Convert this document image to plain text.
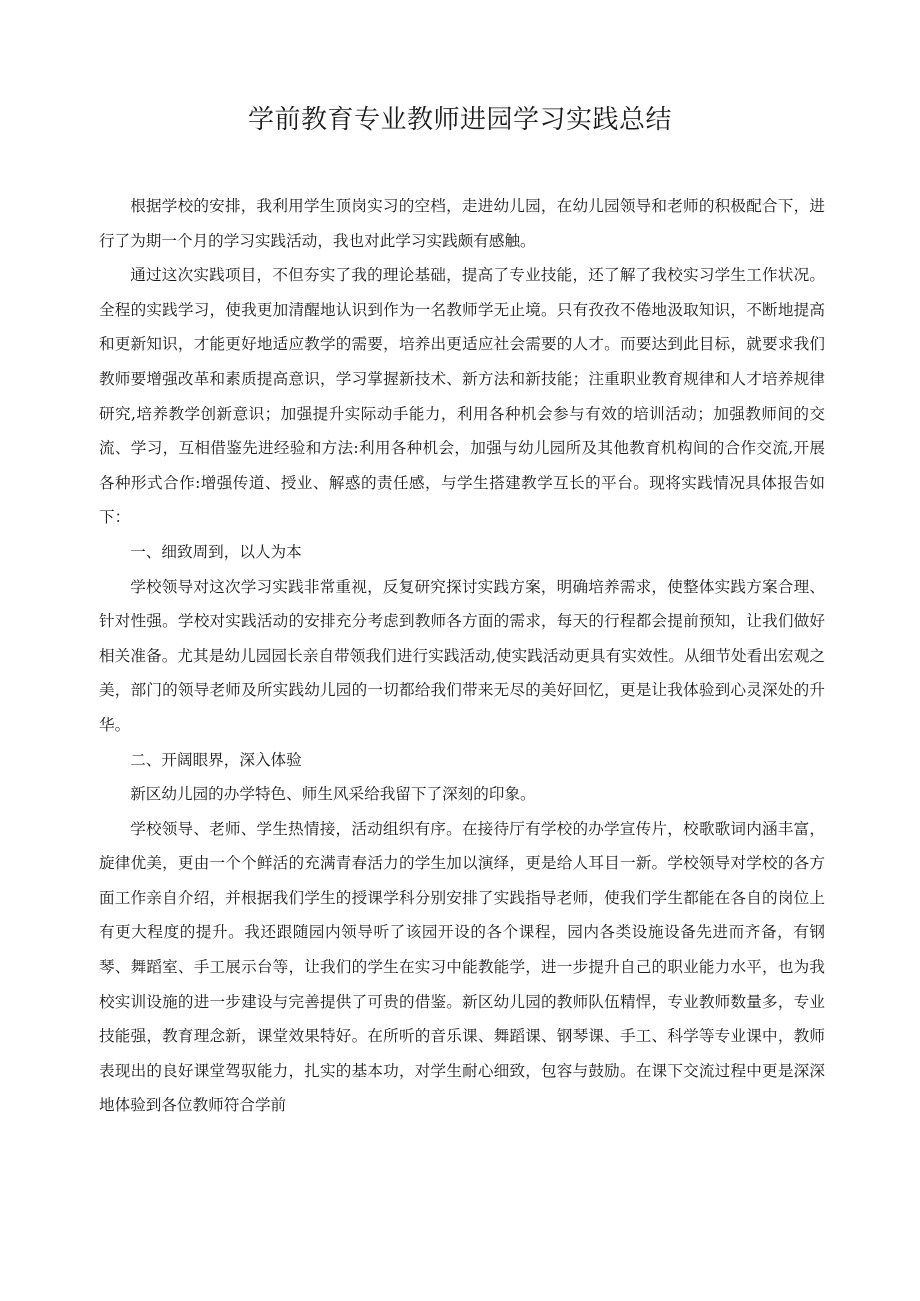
学前教育专业教师进园学习实践总结

根据学校的安排，我利用学生顶岗实习的空档，走进幼儿园，在幼儿园领导和老师的积极配合下，进行了为期一个月的学习实践活动，我也对此学习实践颇有感触。

通过这次实践项目，不但夯实了我的理论基础，提高了专业技能，还了解了我校实习学生工作状况。全程的实践学习，使我更加清醒地认识到作为一名教师学无止境。只有孜孜不倦地汲取知识，不断地提高和更新知识，才能更好地适应教学的需要，培养出更适应社会需要的人才。而要达到此目标，就要求我们教师要增强改革和素质提高意识，学习掌握新技术、新方法和新技能；注重职业教育规律和人才培养规律研究,培养教学创新意识；加强提升实际动手能力，利用各种机会参与有效的培训活动；加强教师间的交流、学习，互相借鉴先进经验和方法:利用各种机会，加强与幼儿园所及其他教育机构间的合作交流,开展各种形式合作:增强传道、授业、解惑的责任感，与学生搭建教学互长的平台。现将实践情况具体报告如下：

一、细致周到，以人为本

学校领导对这次学习实践非常重视，反复研究探讨实践方案，明确培养需求，使整体实践方案合理、针对性强。学校对实践活动的安排充分考虑到教师各方面的需求，每天的行程都会提前预知，让我们做好相关准备。尤其是幼儿园园长亲自带领我们进行实践活动,使实践活动更具有实效性。从细节处看出宏观之美，部门的领导老师及所实践幼儿园的一切都给我们带来无尽的美好回忆，更是让我体验到心灵深处的升华。

二、开阔眼界，深入体验

新区幼儿园的办学特色、师生风采给我留下了深刻的印象。

学校领导、老师、学生热情接，活动组织有序。在接待厅有学校的办学宣传片，校歌歌词内涵丰富，旋律优美，更由一个个鲜活的充满青春活力的学生加以演绎，更是给人耳目一新。学校领导对学校的各方面工作亲自介绍，并根据我们学生的授课学科分别安排了实践指导老师，使我们学生都能在各自的岗位上有更大程度的提升。我还跟随园内领导听了该园开设的各个课程，园内各类设施设备先进而齐备，有钢琴、舞蹈室、手工展示台等，让我们的学生在实习中能教能学，进一步提升自己的职业能力水平，也为我校实训设施的进一步建设与完善提供了可贵的借鉴。新区幼儿园的教师队伍精悍，专业教师数量多，专业技能强，教育理念新，课堂效果特好。在所听的音乐课、舞蹈课、钢琴课、手工、科学等专业课中，教师表现出的良好课堂驾驭能力，扎实的基本功，对学生耐心细致，包容与鼓励。在课下交流过程中更是深深地体验到各位教师符合学前
